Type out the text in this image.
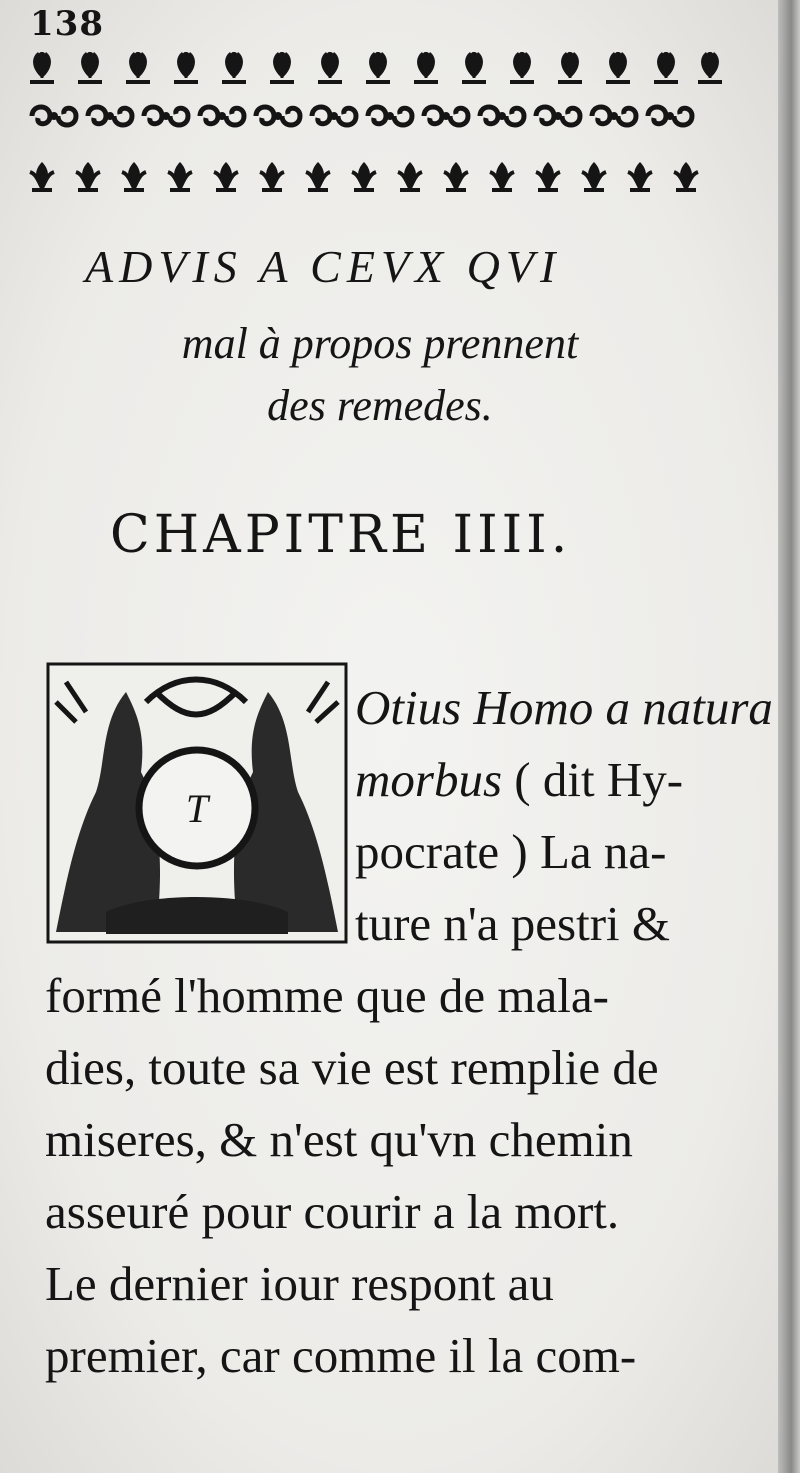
138
ADVIS A CEVX QVI
mal à propos prennent
des remedes.
CHAPITRE IIII.
T
Otius Homo a natura
morbus ( dit Hy-
pocrate ) La na-
ture n'a pestri &
formé l'homme que de mala-
dies, toute sa vie est remplie de
miseres, & n'est qu'vn chemin
asseuré pour courir a la mort.
Le dernier iour respont au
premier, car comme il la com-
